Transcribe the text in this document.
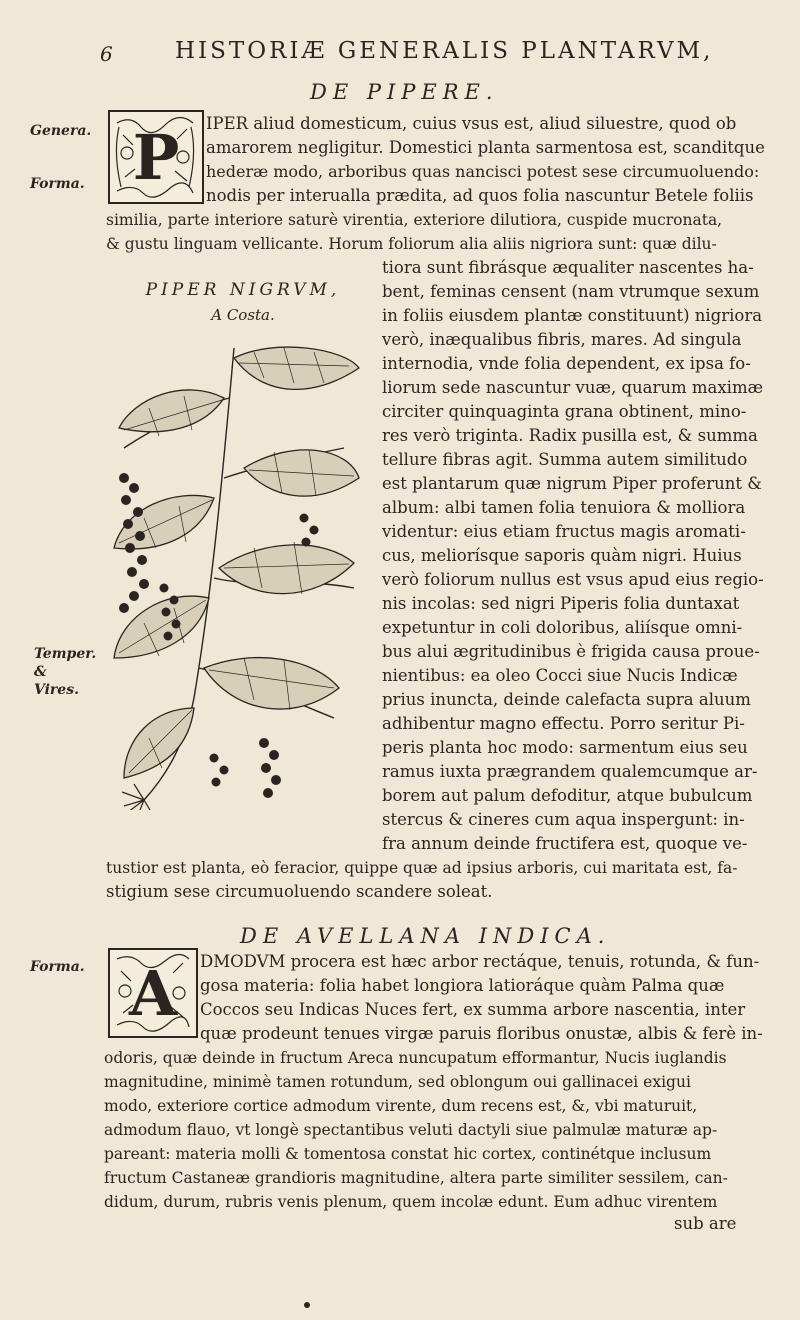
6	HISTORIÆ GENERALIS PLANTARVM,
DE PIPERE.
Genera.
Forma.
Temper. & Vires.
P IPER aliud domesticum, cuius vsus est, aliud siluestre, quod ob
amarorem negligitur. Domestici planta sarmentosa est, scanditque
hederæ modo, arboribus quas nancisci potest sese circumuoluendo:
nodis per interualla prædita, ad quos folia nascuntur Betele foliis
similia, parte interiore saturè virentia, exteriore dilutiora, cuspide mucronata,
& gustu linguam vellicante. Horum foliorum alia aliis nigriora sunt: quæ dilu-
PIPER NIGRVM,
A Costa.
tiora sunt fibrásque æqualiter nascentes ha-
bent, feminas censent (nam vtrumque sexum
in foliis eiusdem plantæ constituunt) nigriora
verò, inæqualibus fibris, mares. Ad singula
internodia, vnde folia dependent, ex ipsa fo-
liorum sede nascuntur vuæ, quarum maximæ
circiter quinquaginta grana obtinent, mino-
res verò triginta. Radix pusilla est, & summa
tellure fibras agit. Summa autem similitudo
est plantarum quæ nigrum Piper proferunt &
album: albi tamen folia tenuiora & molliora
videntur: eius etiam fructus magis aromati-
cus, meliorísque saporis quàm nigri. Huius
verò foliorum nullus est vsus apud eius regio-
nis incolas: sed nigri Piperis folia duntaxat
expetuntur in coli doloribus, aliísque omni-
bus alui ægritudinibus è frigida causa proue-
nientibus: ea oleo Cocci siue Nucis Indicæ
prius inuncta, deinde calefacta supra aluum
adhibentur magno effectu. Porro seritur Pi-
peris planta hoc modo: sarmentum eius seu
ramus iuxta prægrandem qualemcumque ar-
borem aut palum defoditur, atque bubulcum
stercus & cineres cum aqua inspergunt: in-
fra annum deinde fructifera est, quoque ve-
tustior est planta, eò feracior, quippe quæ ad ipsius arboris, cui maritata est, fa-
stigium sese circumuoluendo scandere soleat.
DE AVELLANA INDICA.
Forma. A DMODVM procera est hæc arbor rectáque, tenuis, rotunda, & fun-
gosa materia: folia habet longiora latioráque quàm Palma quæ
Coccos seu Indicas Nuces fert, ex summa arbore nascentia, inter
quæ prodeunt tenues virgæ paruis floribus onustæ, albis & ferè in-
odoris, quæ deinde in fructum Areca nuncupatum efformantur, Nucis iuglandis
magnitudine, minimè tamen rotundum, sed oblongum oui gallinacei exigui
modo, exteriore cortice admodum virente, dum recens est, &, vbi maturuit,
admodum flauo, vt longè spectantibus veluti dactyli siue palmulæ maturæ ap-
pareant: materia molli & tomentosa constat hic cortex, continétque inclusum
fructum Castaneæ grandioris magnitudine, altera parte similiter sessilem, can-
didum, durum, rubris venis plenum, quem incolæ edunt. Eum adhuc virentem
sub are
